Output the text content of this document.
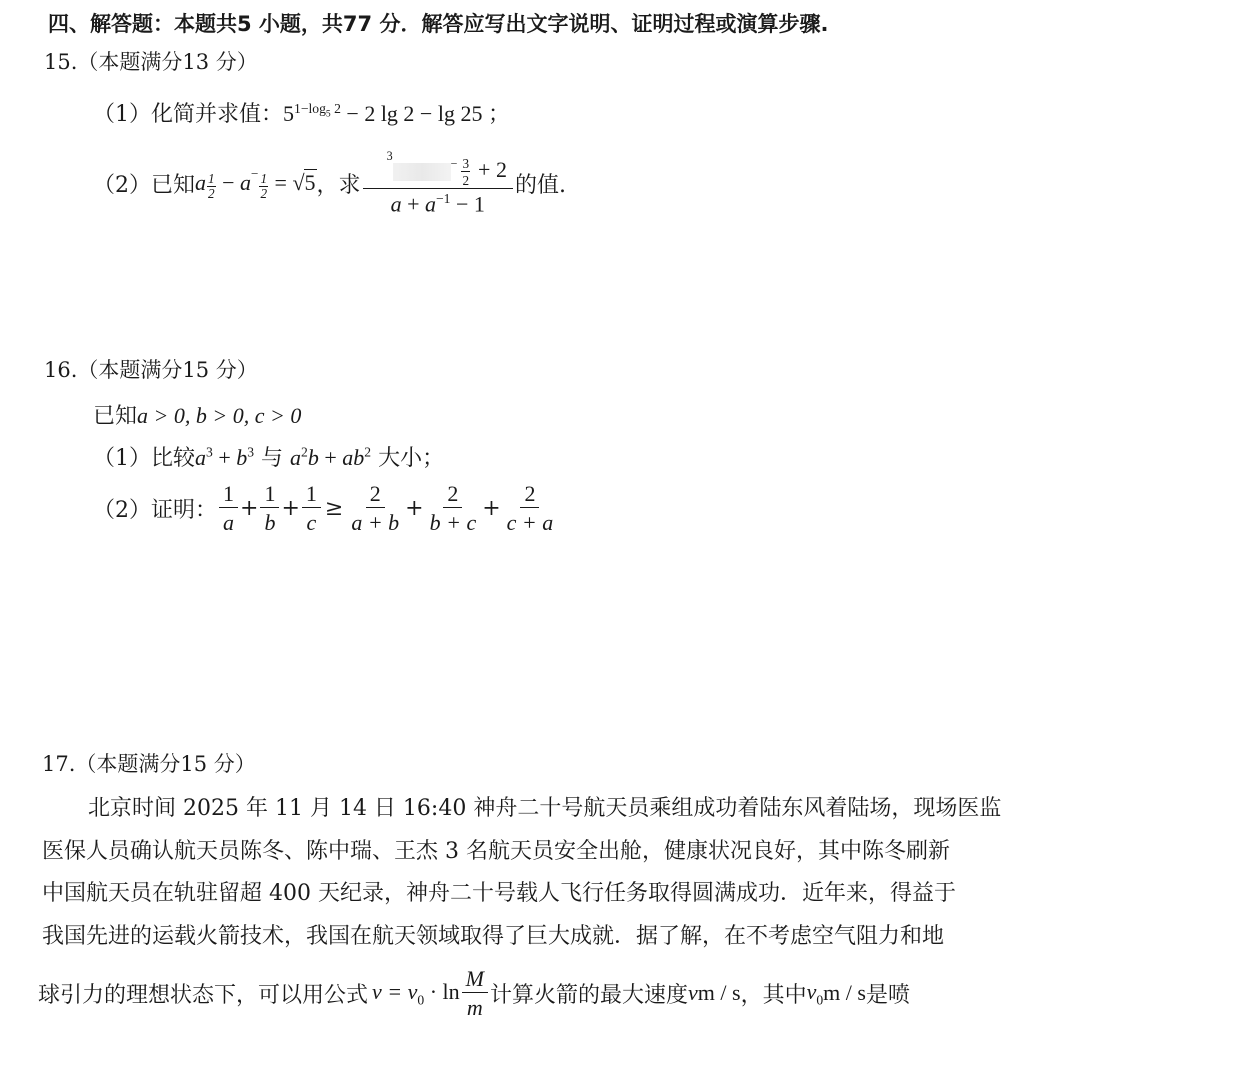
四、解答题：本题共5 小题，共77 分．解答应写出文字说明、证明过程或演算步骤.
15.（本题满分13 分）
（1）化简并求值：$5^{1-log_5 2} - 2$ lg 2 − lg 25 ；
（2）已知 a $\frac{1}{2} - a^- \frac{1}{2} = √5$ ，求 $\frac{^{3-} \frac{3}{2} + 2}{a + a^{-1} - 1}$ 的值.
16.（本题满分15 分）
已知a > 0, b > 0, c > 0
（1）比较$a^3 + b^3$ 与 $a^2b + ab^2$ 大小；
（2）证明： $\frac{1}{a} + \frac{1}{b} + \frac{1}{c} \ge \frac{2}{a + b} + \frac{2}{b + c} + \frac{2}{c + a}$
17.（本题满分15 分）
北京时间 2025 年 11 月 14 日 16:40 神舟二十号航天员乘组成功着陆东风着陆场，现场医监
医保人员确认航天员陈冬、陈中瑞、王杰 3 名航天员安全出舱，健康状况良好，其中陈冬刷新
中国航天员在轨驻留超 400 天纪录，神舟二十号载人飞行任务取得圆满成功．近年来，得益于
我国先进的运载火箭技术，我国在航天领域取得了巨大成就．据了解，在不考虑空气阻力和地
球引力的理想状态下，可以用公式 $v = v_0 \cdot \ln \frac{M}{m}$ 计算火箭的最大速度 v m / s ，其中 $v_0$ m / s 是喷
